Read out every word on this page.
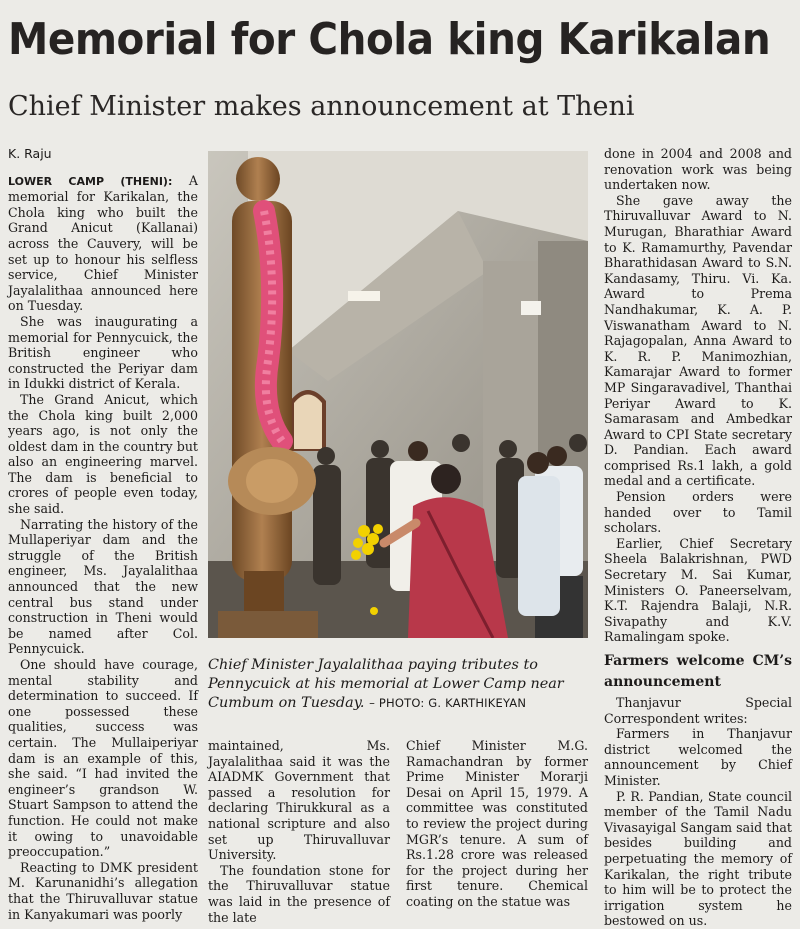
Memorial for Chola king Karikalan
Chief Minister makes announcement at Theni

K. Raju

LOWER CAMP (THENI): A memorial for Karikalan, the Chola king who built the Grand Anicut (Kallanai) across the Cauvery, will be set up to honour his selfless service, Chief Minister Jayalalithaa announced here on Tuesday.

She was inaugurating a memorial for Pennycuick, the British engineer who constructed the Periyar dam in Idukki district of Kerala.

The Grand Anicut, which the Chola king built 2,000 years ago, is not only the oldest dam in the country but also an engineering marvel. The dam is beneficial to crores of people even today, she said.

Narrating the history of the Mullaperiyar dam and the struggle of the British engineer, Ms. Jayalalithaa announced that the new central bus stand under construction in Theni would be named after Col. Pennycuick.

One should have courage, mental stability and determination to succeed. If one possessed these qualities, success was certain. The Mullaiperiyar dam is an example of this, she said. “I had invited the engineer’s grandson W. Stuart Sampson to attend the function. He could not make it owing to unavoidable preoccupation.”

Reacting to DMK president M. Karunanidhi’s allegation that the Thiruvalluvar statue in Kanyakumari was poorly

Chief Minister Jayalalithaa paying tributes to Pennycuick at his memorial at Lower Camp near Cumbum on Tuesday. – PHOTO: G. KARTHIKEYAN

maintained, Ms. Jayalalithaa said it was the AIADMK Government that passed a resolution for declaring Thirukkural as a national scripture and also set up Thiruvalluvar University.

The foundation stone for the Thiruvalluvar statue was laid in the presence of the late

Chief Minister M.G. Ramachandran by former Prime Minister Morarji Desai on April 15, 1979. A committee was constituted to review the project during MGR’s tenure. A sum of Rs.1.28 crore was released for the project during her first tenure. Chemical coating on the statue was

done in 2004 and 2008 and renovation work was being undertaken now.

She gave away the Thiruvalluvar Award to N. Murugan, Bharathiar Award to K. Ramamurthy, Pavendar Bharathidasan Award to S.N. Kandasamy, Thiru. Vi. Ka. Award to Prema Nandhakumar, K. A. P. Viswanatham Award to N. Rajagopalan, Anna Award to K. R. P. Manimozhian, Kamarajar Award to former MP Singaravadivel, Thanthai Periyar Award to K. Samarasam and Ambedkar Award to CPI State secretary D. Pandian. Each award comprised Rs.1 lakh, a gold medal and a certificate.

Pension orders were handed over to Tamil scholars.

Earlier, Chief Secretary Sheela Balakrishnan, PWD Secretary M. Sai Kumar, Ministers O. Paneerselvam, K.T. Rajendra Balaji, N.R. Sivapathy and K.V. Ramalingam spoke.

Farmers welcome CM’s announcement

Thanjavur Special Correspondent writes:

Farmers in Thanjavur district welcomed the announcement by Chief Minister.

P. R. Pandian, State council member of the Tamil Nadu Vivasayigal Sangam said that besides building and perpetuating the memory of Karikalan, the right tribute to him will be to protect the irrigation system he bestowed on us.
